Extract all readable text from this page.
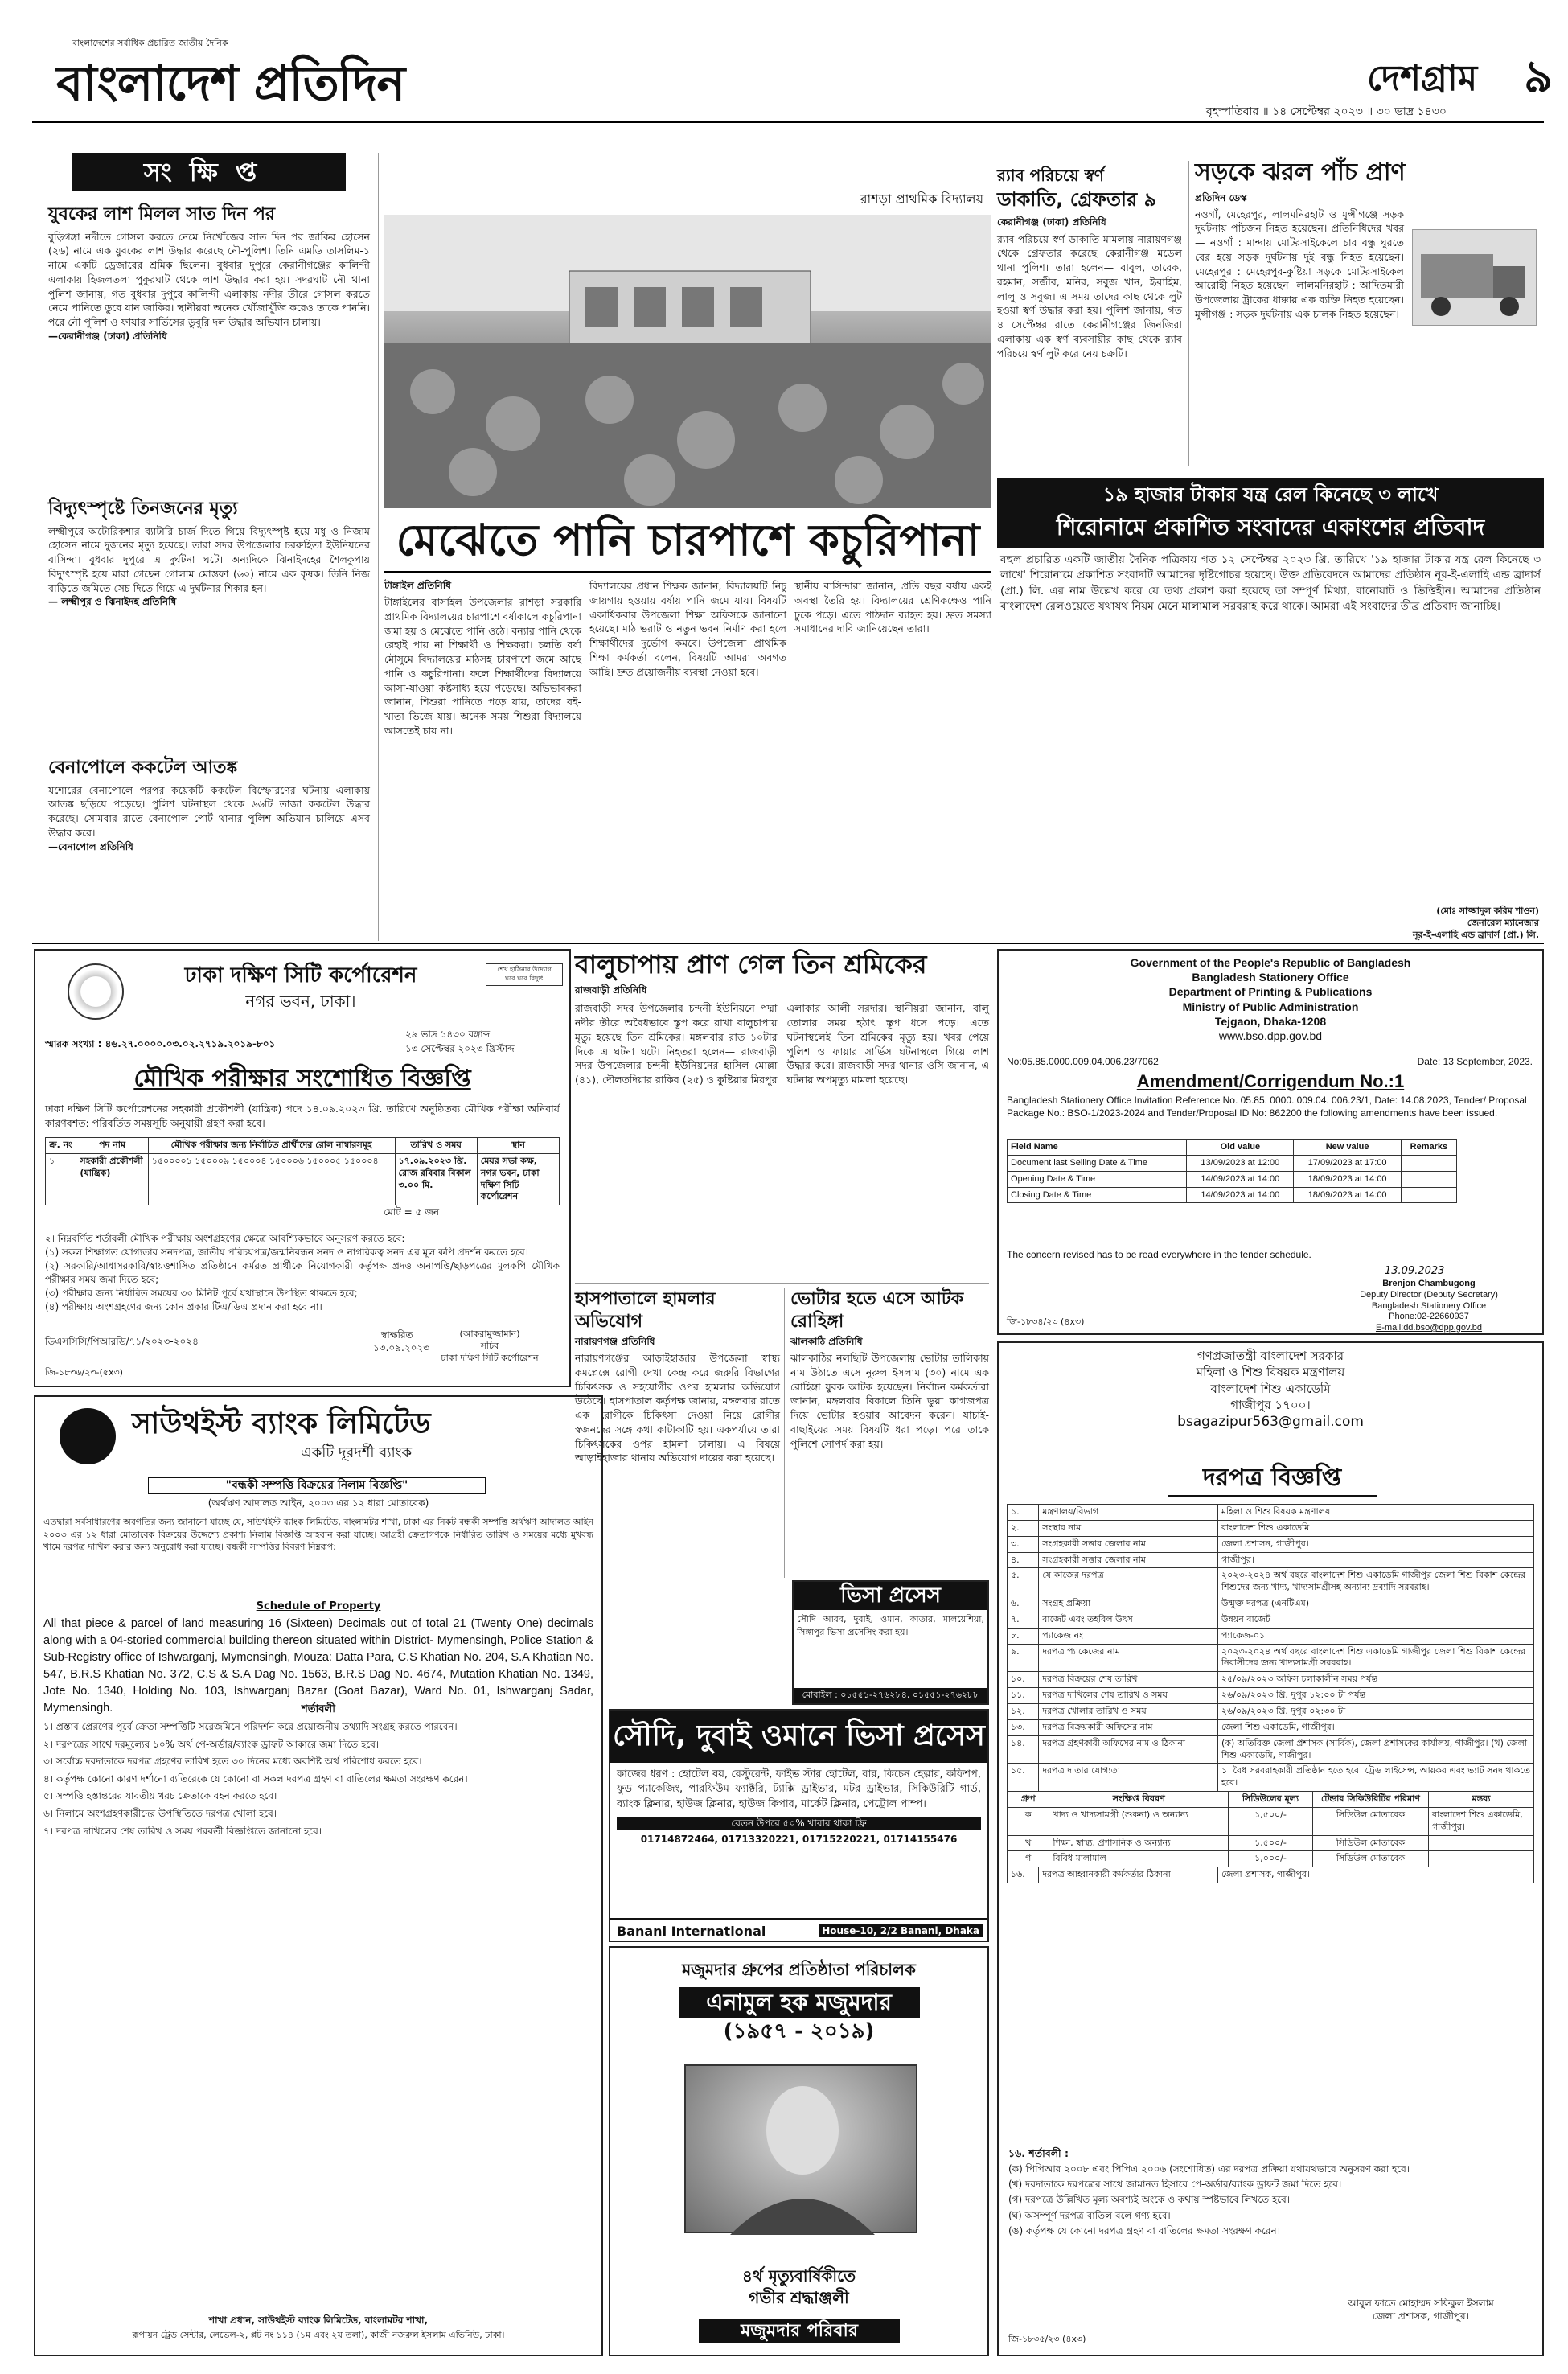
বাংলাদেশের সর্বাধিক প্রচারিত জাতীয় দৈনিক
বাংলাদেশ প্রতিদিন	দেশগ্রাম ৯
বৃহস্পতিবার ॥ ১৪ সেপ্টেম্বর ২০২৩ ॥ ৩০ ভাদ্র ১৪৩০
সংক্ষিপ্ত
যুবকের লাশ মিলল সাত দিন পর
বুড়িগঙ্গা নদীতে গোসল করতে নেমে নিখোঁজের সাত দিন পর জাকির হোসেন (২৬) নামে এক যুবকের লাশ উদ্ধার করেছে নৌ-পুলিশ। তিনি এমডি তাসলিম-১ নামে একটি ড্রেজারের শ্রমিক ছিলেন। বুধবার দুপুরে কেরানীগঞ্জের কালিন্দী এলাকায় হিজলতলা পুকুরঘাট থেকে লাশ উদ্ধার করা হয়। সদরঘাট নৌ থানা পুলিশ জানায়, গত বুধবার দুপুরে কালিন্দী এলাকায় নদীর তীরে গোসল করতে নেমে পানিতে ডুবে যান জাকির। স্থানীয়রা অনেক খোঁজাখুঁজি করেও তাকে পাননি। পরে নৌ পুলিশ ও ফায়ার সার্ভিসের ডুবুরি দল উদ্ধার অভিযান চালায়।
—কেরানীগঞ্জ (ঢাকা) প্রতিনিধি
বিদ্যুৎস্পৃষ্টে তিনজনের মৃত্যু
লক্ষ্মীপুরে অটোরিকশার ব্যাটারি চার্জ দিতে গিয়ে বিদ্যুৎস্পৃষ্ট হয়ে মধু ও নিজাম হোসেন নামে দুজনের মৃত্যু হয়েছে। তারা সদর উপজেলার চররুহিতা ইউনিয়নের বাসিন্দা। বুধবার দুপুরে এ দুর্ঘটনা ঘটে। অন্যদিকে ঝিনাইদহের শৈলকুপায় বিদ্যুৎস্পৃষ্ট হয়ে মারা গেছেন গোলাম মোস্তফা (৬০) নামে এক কৃষক। তিনি নিজ বাড়িতে জমিতে সেচ দিতে গিয়ে এ দুর্ঘটনার শিকার হন।
— লক্ষ্মীপুর ও ঝিনাইদহ প্রতিনিধি
বেনাপোলে ককটেল আতঙ্ক
যশোরের বেনাপোলে পরপর কয়েকটি ককটেল বিস্ফোরণের ঘটনায় এলাকায় আতঙ্ক ছড়িয়ে পড়েছে। পুলিশ ঘটনাস্থল থেকে ৬৬টি তাজা ককটেল উদ্ধার করেছে। সোমবার রাতে বেনাপোল পোর্ট থানার পুলিশ অভিযান চালিয়ে এসব উদ্ধার করে।
—বেনাপোল প্রতিনিধি
রাশড়া প্রাথমিক বিদ্যালয়
মেঝেতে পানি চারপাশে কচুরিপানা
টাঙ্গাইল প্রতিনিধি
টাঙ্গাইলের বাসাইল উপজেলার রাশড়া সরকারি প্রাথমিক বিদ্যালয়ের চারপাশে বর্ষাকালে কচুরিপানা জমা হয় ও মেঝেতে পানি ওঠে। বন্যার পানি থেকে রেহাই পায় না শিক্ষার্থী ও শিক্ষকরা। চলতি বর্ষা মৌসুমে বিদ্যালয়ের মাঠসহ চারপাশে জমে আছে পানি ও কচুরিপানা। ফলে শিক্ষার্থীদের বিদ্যালয়ে আসা-যাওয়া কষ্টসাধ্য হয়ে পড়েছে। অভিভাবকরা জানান, শিশুরা পানিতে পড়ে যায়, তাদের বই-খাতা ভিজে যায়। অনেক সময় শিশুরা বিদ্যালয়ে আসতেই চায় না।
বিদ্যালয়ের প্রধান শিক্ষক জানান, বিদ্যালয়টি নিচু জায়গায় হওয়ায় বর্ষায় পানি জমে যায়। বিষয়টি একাধিকবার উপজেলা শিক্ষা অফিসকে জানানো হয়েছে। মাঠ ভরাট ও নতুন ভবন নির্মাণ করা হলে শিক্ষার্থীদের দুর্ভোগ কমবে। উপজেলা প্রাথমিক শিক্ষা কর্মকর্তা বলেন, বিষয়টি আমরা অবগত আছি। দ্রুত প্রয়োজনীয় ব্যবস্থা নেওয়া হবে।
স্থানীয় বাসিন্দারা জানান, প্রতি বছর বর্ষায় একই অবস্থা তৈরি হয়। বিদ্যালয়ের শ্রেণিকক্ষেও পানি ঢুকে পড়ে। এতে পাঠদান ব্যাহত হয়। দ্রুত সমস্যা সমাধানের দাবি জানিয়েছেন তারা।
র‍্যাব পরিচয়ে স্বর্ণ
ডাকাতি, গ্রেফতার ৯
কেরানীগঞ্জ (ঢাকা) প্রতিনিধি
র‍্যাব পরিচয়ে স্বর্ণ ডাকাতি মামলায় নারায়ণগঞ্জ থেকে গ্রেফতার করেছে কেরানীগঞ্জ মডেল থানা পুলিশ। তারা হলেন— বাবুল, তারেক, রহমান, সজীব, মনির, সবুজ খান, ইব্রাহিম, লালু ও সবুজ। এ সময় তাদের কাছ থেকে লুট হওয়া স্বর্ণ উদ্ধার করা হয়। পুলিশ জানায়, গত ৪ সেপ্টেম্বর রাতে কেরানীগঞ্জের জিনজিরা এলাকায় এক স্বর্ণ ব্যবসায়ীর কাছ থেকে র‍্যাব পরিচয়ে স্বর্ণ লুট করে নেয় চক্রটি।
সড়কে ঝরল পাঁচ প্রাণ
প্রতিদিন ডেস্ক
নওগাঁ, মেহেরপুর, লালমনিরহাট ও মুন্সীগঞ্জে সড়ক দুর্ঘটনায় পাঁচজন নিহত হয়েছেন। প্রতিনিধিদের খবর— নওগাঁ : মান্দায় মোটরসাইকেলে চার বন্ধু ঘুরতে বের হয়ে সড়ক দুর্ঘটনায় দুই বন্ধু নিহত হয়েছেন। মেহেরপুর : মেহেরপুর-কুষ্টিয়া সড়কে মোটরসাইকেল আরোহী নিহত হয়েছেন। লালমনিরহাট : আদিতমারী উপজেলায় ট্রাকের ধাক্কায় এক ব্যক্তি নিহত হয়েছেন। মুন্সীগঞ্জ : সড়ক দুর্ঘটনায় এক চালক নিহত হয়েছেন।
১৯ হাজার টাকার যন্ত্র রেল কিনেছে ৩ লাখে
শিরোনামে প্রকাশিত সংবাদের একাংশের প্রতিবাদ
বহুল প্রচারিত একটি জাতীয় দৈনিক পত্রিকায় গত ১২ সেপ্টেম্বর ২০২৩ খ্রি. তারিখে '১৯ হাজার টাকার যন্ত্র রেল কিনেছে ৩ লাখে' শিরোনামে প্রকাশিত সংবাদটি আমাদের দৃষ্টিগোচর হয়েছে। উক্ত প্রতিবেদনে আমাদের প্রতিষ্ঠান নূর-ই-এলাহি এন্ড ব্রাদার্স (প্রা.) লি. এর নাম উল্লেখ করে যে তথ্য প্রকাশ করা হয়েছে তা সম্পূর্ণ মিথ্যা, বানোয়াট ও ভিত্তিহীন। আমাদের প্রতিষ্ঠান বাংলাদেশ রেলওয়েতে যথাযথ নিয়ম মেনে মালামাল সরবরাহ করে থাকে। আমরা এই সংবাদের তীব্র প্রতিবাদ জানাচ্ছি।
(মোঃ সাজ্জাদুল করিম শাওন)
জেনারেল ম্যানেজার
নূর-ই-এলাহি এন্ড ব্রাদার্স (প্রা.) লি.
ঢাকা দক্ষিণ সিটি কর্পোরেশন
নগর ভবন, ঢাকা।
শেখ হাসিনার উদ্যোগ
ঘরে ঘরে বিদ্যুৎ
স্মারক সংখ্যা : ৪৬.২৭.০০০০.০৩.০২.২৭১৯.২০১৯-৮০১
২৯ ভাদ্র ১৪৩০ বঙ্গাব্দ
১৩ সেপ্টেম্বর ২০২৩ খ্রিস্টাব্দ
মৌখিক পরীক্ষার সংশোধিত বিজ্ঞপ্তি
ঢাকা দক্ষিণ সিটি কর্পোরেশনের সহকারী প্রকৌশলী (যান্ত্রিক) পদে ১৪.০৯.২০২৩ খ্রি. তারিখে অনুষ্ঠিতব্য মৌখিক পরীক্ষা অনিবার্য কারণবশত: পরিবর্তিত সময়সূচি অনুযায়ী গ্রহণ করা হবে।
ক্র. নং	পদ নাম	মৌখিক পরীক্ষার জন্য নির্বাচিত প্রার্থীদের রোল নাম্বারসমূহ	তারিখ ও সময়	স্থান
১	সহকারী প্রকৌশলী (যান্ত্রিক)	১৫০০০০১ ১৫০০০৯ ১৫০০০৪ ১৫০০০৬ ১৫০০০৫ ১৫০০০৪	১৭.০৯.২০২৩ খ্রি. রোজ রবিবার বিকাল ৩.০০ মি.	মেয়র সভা কক্ষ, নগর ভবন, ঢাকা দক্ষিণ সিটি কর্পোরেশন
মোট = ৫ জন
২। নিম্নবর্ণিত শর্তাবলী মৌখিক পরীক্ষায় অংশগ্রহণের ক্ষেত্রে আবশ্যিকভাবে অনুসরণ করতে হবে:
(১) সকল শিক্ষাগত যোগ্যতার সনদপত্র, জাতীয় পরিচয়পত্র/জন্মনিবন্ধন সনদ ও নাগরিকত্ব সনদ এর মূল কপি প্রদর্শন করতে হবে।
(২) সরকারি/আধাসরকারি/স্বায়ত্তশাসিত প্রতিষ্ঠানে কর্মরত প্রার্থীকে নিয়োগকারী কর্তৃপক্ষ প্রদত্ত অনাপত্তি/ছাড়পত্রের মূলকপি মৌখিক পরীক্ষার সময় জমা দিতে হবে;
(৩) পরীক্ষার জন্য নির্ধারিত সময়ের ৩০ মিনিট পূর্বে যথাস্থানে উপস্থিত থাকতে হবে;
(৪) পরীক্ষায় অংশগ্রহণের জন্য কোন প্রকার টিএ/ডিএ প্রদান করা হবে না।
স্বাক্ষরিত
১৩.০৯.২০২৩
(আকরামুজ্জামান)
সচিব
ঢাকা দক্ষিণ সিটি কর্পোরেশন
ডিএসসিসি/পিআরডি/৭১/২০২৩-২০২৪
জি-১৮৩৬/২৩-(৫x৩)
বালুচাপায় প্রাণ গেল তিন শ্রমিকের
রাজবাড়ী প্রতিনিধি
রাজবাড়ী সদর উপজেলার চন্দনী ইউনিয়নে পদ্মা নদীর তীরে অবৈধভাবে স্তূপ করে রাখা বালুচাপায় মৃত্যু হয়েছে তিন শ্রমিকের। মঙ্গলবার রাত ১০টার দিকে এ ঘটনা ঘটে। নিহতরা হলেন— রাজবাড়ী সদর উপজেলার চন্দনী ইউনিয়নের হাসিল মোল্লা (৪১), দৌলতদিয়ার রাকিব (২৫) ও কুষ্টিয়ার মিরপুর এলাকার আলী সরদার। স্থানীয়রা জানান, বালু তোলার সময় হঠাৎ স্তূপ ধসে পড়ে। এতে ঘটনাস্থলেই তিন শ্রমিকের মৃত্যু হয়। খবর পেয়ে পুলিশ ও ফায়ার সার্ভিস ঘটনাস্থলে গিয়ে লাশ উদ্ধার করে। রাজবাড়ী সদর থানার ওসি জানান, এ ঘটনায় অপমৃত্যু মামলা হয়েছে।
হাসপাতালে হামলার অভিযোগ
নারায়ণগঞ্জ প্রতিনিধি
নারায়ণগঞ্জের আড়াইহাজার উপজেলা স্বাস্থ্য কমপ্লেক্সে রোগী দেখা কেন্দ্র করে জরুরি বিভাগের চিকিৎসক ও সহযোগীর ওপর হামলার অভিযোগ উঠেছে। হাসপাতাল কর্তৃপক্ষ জানায়, মঙ্গলবার রাতে এক রোগীকে চিকিৎসা দেওয়া নিয়ে রোগীর স্বজনদের সঙ্গে কথা কাটাকাটি হয়। একপর্যায়ে তারা চিকিৎসকের ওপর হামলা চালায়। এ বিষয়ে আড়াইহাজার থানায় অভিযোগ দায়ের করা হয়েছে।
ভোটার হতে এসে আটক রোহিঙ্গা
ঝালকাঠি প্রতিনিধি
ঝালকাঠির নলছিটি উপজেলায় ভোটার তালিকায় নাম উঠাতে এসে নূরুল ইসলাম (৩০) নামে এক রোহিঙ্গা যুবক আটক হয়েছেন। নির্বাচন কর্মকর্তারা জানান, মঙ্গলবার বিকালে তিনি ভুয়া কাগজপত্র দিয়ে ভোটার হওয়ার আবেদন করেন। যাচাই-বাছাইয়ের সময় বিষয়টি ধরা পড়ে। পরে তাকে পুলিশে সোপর্দ করা হয়।
ভিসা প্রসেস
সৌদি আরব, দুবাই, ওমান, কাতার, মালয়েশিয়া, সিঙ্গাপুর ভিসা প্রসেসিং করা হয়।
মোবাইল : ০১৫৫১-২৭৬২৮৪, ০১৫৫১-২৭৬২৮৮
সৌদি, দুবাই ওমানে ভিসা প্রসেস
কাজের ধরণ : হোটেল বয়, রেস্টুরেন্ট, ফাইভ স্টার হোটেল, বার, কিচেন হেল্পার, কফিশপ, ফুড প্যাকেজিং, পারফিউম ফ্যাক্টরি, ট্যাক্সি ড্রাইভার, মটর ড্রাইভার, সিকিউরিটি গার্ড, ব্যাংক ক্লিনার, হাউজ ক্লিনার, হাউজ কিপার, মার্কেট ক্লিনার, পেট্রোল পাম্প।
বেতন উপরে ৫০% খাবার থাকা ফ্রি
01714872464, 01713320221, 01715220221, 01714155476
Banani International	House-10, 2/2 Banani, Dhaka
মজুমদার গ্রুপের প্রতিষ্ঠাতা পরিচালক
এনামুল হক মজুমদার
(১৯৫৭ - ২০১৯)
৪র্থ মৃত্যুবার্ষিকীতে
গভীর শ্রদ্ধাঞ্জলী
মজুমদার পরিবার
সাউথইস্ট ব্যাংক লিমিটেড
একটি দূরদর্শী ব্যাংক
"বন্ধকী সম্পত্তি বিক্রয়ের নিলাম বিজ্ঞপ্তি"
(অর্থঋণ আদালত আইন, ২০০৩ এর ১২ ধারা মোতাবেক)
এতদ্বারা সর্বসাধারণের অবগতির জন্য জানানো যাচ্ছে যে, সাউথইস্ট ব্যাংক লিমিটেড, বাংলামটর শাখা, ঢাকা এর নিকট বন্ধকী সম্পত্তি অর্থঋণ আদালত আইন ২০০৩ এর ১২ ধারা মোতাবেক বিক্রয়ের উদ্দেশ্যে প্রকাশ্য নিলাম বিজ্ঞপ্তি আহবান করা যাচ্ছে। আগ্রহী ক্রেতাগণকে নির্ধারিত তারিখ ও সময়ের মধ্যে মুখবন্ধ খামে দরপত্র দাখিল করার জন্য অনুরোধ করা যাচ্ছে। বন্ধকী সম্পত্তির বিবরণ নিম্নরূপ:
Schedule of Property
All that piece & parcel of land measuring 16 (Sixteen) Decimals out of total 21 (Twenty One) decimals along with a 04-storied commercial building thereon situated within District- Mymensingh, Police Station & Sub-Registry office of Ishwarganj, Mymensingh, Mouza: Datta Para, C.S Khatian No. 204, S.A Khatian No. 547, B.R.S Khatian No. 372, C.S & S.A Dag No. 1563, B.R.S Dag No. 4674, Mutation Khatian No. 1349, Jote No. 1340, Holding No. 103, Ishwarganj Bazar (Goat Bazar), Ward No. 01, Ishwarganj Sadar, Mymensingh.	শর্তাবলী
১। প্রস্তাব প্রেরণের পূর্বে ক্রেতা সম্পত্তিটি সরেজমিনে পরিদর্শন করে প্রয়োজনীয় তথ্যাদি সংগ্রহ করতে পারবেন।
২। দরপত্রের সাথে দরমূল্যের ১০% অর্থ পে-অর্ডার/ব্যাংক ড্রাফট আকারে জমা দিতে হবে।
৩। সর্বোচ্চ দরদাতাকে দরপত্র গ্রহণের তারিখ হতে ৩০ দিনের মধ্যে অবশিষ্ট অর্থ পরিশোধ করতে হবে।
৪। কর্তৃপক্ষ কোনো কারণ দর্শানো ব্যতিরেকে যে কোনো বা সকল দরপত্র গ্রহণ বা বাতিলের ক্ষমতা সংরক্ষণ করেন।
৫। সম্পত্তি হস্তান্তরের যাবতীয় খরচ ক্রেতাকে বহন করতে হবে।
৬। নিলামে অংশগ্রহণকারীদের উপস্থিতিতে দরপত্র খোলা হবে।
৭। দরপত্র দাখিলের শেষ তারিখ ও সময় পরবর্তী বিজ্ঞপ্তিতে জানানো হবে।
শাখা প্রধান, সাউথইস্ট ব্যাংক লিমিটেড, বাংলামটর শাখা,
রূপায়ন ট্রেড সেন্টার, লেভেল-২, প্লট নং ১১৪ (১ম এবং ২য় তলা), কাজী নজরুল ইসলাম এভিনিউ, ঢাকা।
Government of the People's Republic of Bangladesh
Bangladesh Stationery Office
Department of Printing & Publications
Ministry of Public Administration
Tejgaon, Dhaka-1208
www.bso.dpp.gov.bd
No:05.85.0000.009.04.006.23/7062	Date: 13 September, 2023.
Amendment/Corrigendum No.:1
Bangladesh Stationery Office Invitation Reference No. 05.85. 0000. 009.04. 006.23/1, Date: 14.08.2023, Tender/ Proposal Package No.: BSO-1/2023-2024 and Tender/Proposal ID No: 862200 the following amendments have been issued.
Field Name	Old value	New value	Remarks
Document last Selling Date & Time	13/09/2023 at 12:00	17/09/2023 at 17:00	
Opening Date & Time	14/09/2023 at 14:00	18/09/2023 at 14:00	
Closing Date & Time	14/09/2023 at 14:00	18/09/2023 at 14:00	
The concern revised has to be read everywhere in the tender schedule.
13.09.2023
Brenjon Chambugong
Deputy Director (Deputy Secretary)
Bangladesh Stationery Office
Phone:02-22660937
E-mail:dd.bso@dpp.gov.bd
জি-১৮৩৪/২৩ (৪x৩)
গণপ্রজাতন্ত্রী বাংলাদেশ সরকার
মহিলা ও শিশু বিষয়ক মন্ত্রণালয়
বাংলাদেশ শিশু একাডেমি
গাজীপুর ১৭০০।
bsagazipur563@gmail.com
দরপত্র বিজ্ঞপ্তি
১.	মন্ত্রণালয়/বিভাগ	মহিলা ও শিশু বিষয়ক মন্ত্রণালয়
২.	সংস্থার নাম	বাংলাদেশ শিশু একাডেমি
৩.	সংগ্রহকারী সত্তার জেলার নাম	জেলা প্রশাসন, গাজীপুর।
৪.	সংগ্রহকারী সত্তার জেলার নাম	গাজীপুর।
৫.	যে কাজের দরপত্র	২০২৩-২০২৪ অর্থ বছরে বাংলাদেশ শিশু একাডেমি গাজীপুর জেলা শিশু বিকাশ কেন্দ্রের শিশুদের জন্য খাদ্য, খাদ্যসামগ্রীসহ অন্যান্য দ্রব্যাদি সরবরাহ।
৬.	সংগ্রহ প্রক্রিয়া	উন্মুক্ত দরপত্র (এনটিএম)
৭.	বাজেট এবং তহবিল উৎস	উন্নয়ন বাজেট
৮.	প্যাকেজ নং	প্যাকেজ-০১
৯.	দরপত্র প্যাকেজের নাম	২০২৩-২০২৪ অর্থ বছরে বাংলাদেশ শিশু একাডেমি গাজীপুর জেলা শিশু বিকাশ কেন্দ্রের নিবাসীদের জন্য খাদ্যসামগ্রী সরবরাহ।
১০.	দরপত্র বিক্রয়ের শেষ তারিখ	২৫/০৯/২০২৩ অফিস চলাকালীন সময় পর্যন্ত
১১.	দরপত্র দাখিলের শেষ তারিখ ও সময়	২৬/০৯/২০২৩ খ্রি. দুপুর ১২:০০ টা পর্যন্ত
১২.	দরপত্র খোলার তারিখ ও সময়	২৬/০৯/২০২৩ খ্রি. দুপুর ০২:৩০ টা
১৩.	দরপত্র বিক্রয়কারী অফিসের নাম	জেলা শিশু একাডেমি, গাজীপুর।
১৪.	দরপত্র গ্রহণকারী অফিসের নাম ও ঠিকানা	(ক) অতিরিক্ত জেলা প্রশাসক (সার্বিক), জেলা প্রশাসকের কার্যালয়, গাজীপুর। (খ) জেলা শিশু একাডেমি, গাজীপুর।
১৫.	দরপত্র দাতার যোগ্যতা	১। বৈধ সরবরাহকারী প্রতিষ্ঠান হতে হবে। ট্রেড লাইসেন্স, আয়কর এবং ভ্যাট সনদ থাকতে হবে।
গ্রুপ	সংক্ষিপ্ত বিবরণ	সিডিউলের মূল্য	টেন্ডার সিকিউরিটির পরিমাণ	মন্তব্য
ক	খাদ্য ও খাদ্যসামগ্রী (শুকনা) ও অন্যান্য	১,৫০০/-	সিডিউল মোতাবেক	বাংলাদেশ শিশু একাডেমি, গাজীপুর।
খ	শিক্ষা, স্বাস্থ্য, প্রশাসনিক ও অন্যান্য	১,৫০০/-	সিডিউল মোতাবেক	
গ	বিবিধ মালামাল	১,০০০/-	সিডিউল মোতাবেক	
১৬.	দরপত্র আহ্বানকারী কর্মকর্তার ঠিকানা	জেলা প্রশাসক, গাজীপুর।
১৬. শর্তাবলী :
(ক) পিপিআর ২০০৮ এবং পিপিএ ২০০৬ (সংশোধিত) এর দরপত্র প্রক্রিয়া যথাযথভাবে অনুসরণ করা হবে।
(খ) দরদাতাকে দরপত্রের সাথে জামানত হিসাবে পে-অর্ডার/ব্যাংক ড্রাফট জমা দিতে হবে।
(গ) দরপত্রে উল্লিখিত মূল্য অবশ্যই অংকে ও কথায় স্পষ্টভাবে লিখতে হবে।
(ঘ) অসম্পূর্ণ দরপত্র বাতিল বলে গণ্য হবে।
(ঙ) কর্তৃপক্ষ যে কোনো দরপত্র গ্রহণ বা বাতিলের ক্ষমতা সংরক্ষণ করেন।
আবুল ফাতে মোহাম্মদ সফিকুল ইসলাম
জেলা প্রশাসক, গাজীপুর।
জি-১৮৩৫/২৩ (৪x৩)
